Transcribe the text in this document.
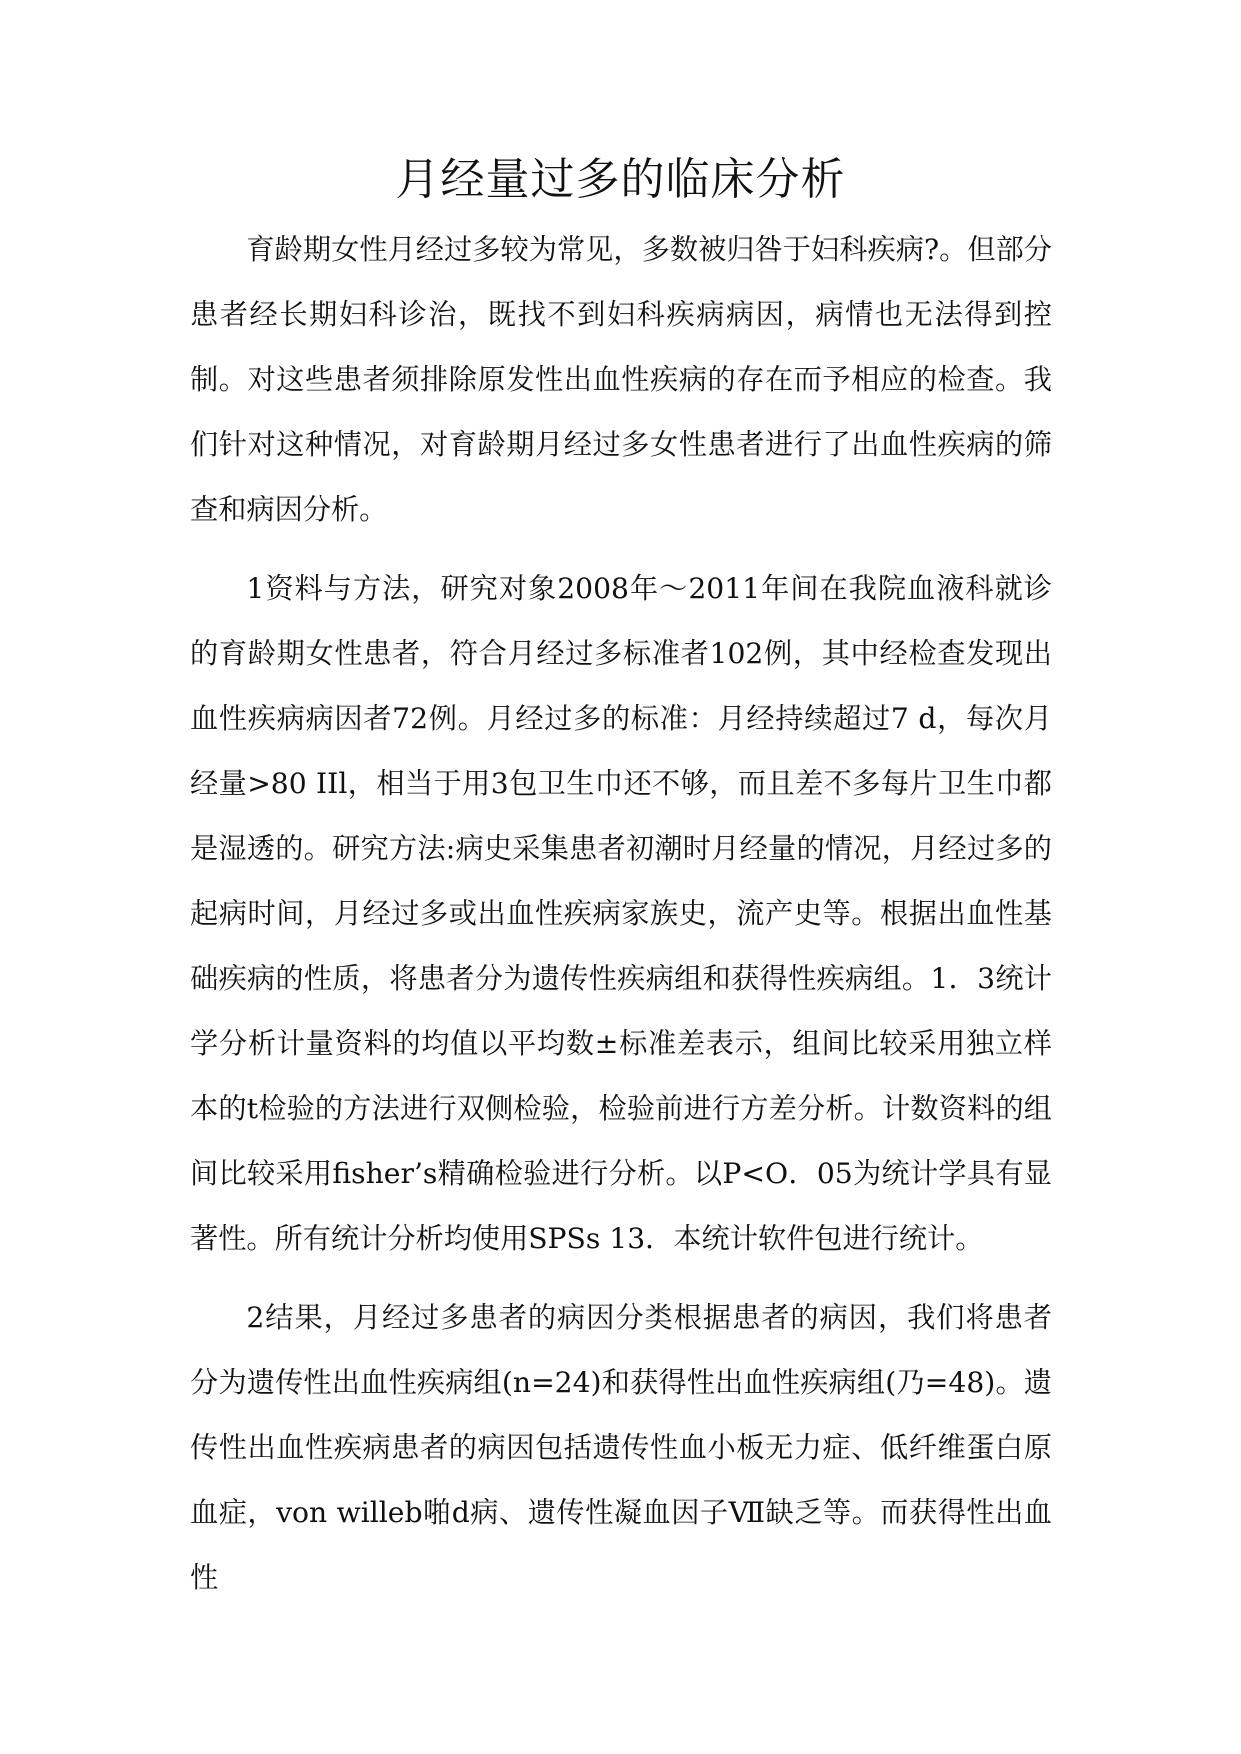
月经量过多的临床分析

育龄期女性月经过多较为常见，多数被归咎于妇科疾病?。但部分患者经长期妇科诊治，既找不到妇科疾病病因，病情也无法得到控制。对这些患者须排除原发性出血性疾病的存在而予相应的检查。我们针对这种情况，对育龄期月经过多女性患者进行了出血性疾病的筛查和病因分析。

1资料与方法，研究对象2008年～2011年间在我院血液科就诊的育龄期女性患者，符合月经过多标准者102例，其中经检查发现出血性疾病病因者72例。月经过多的标准：月经持续超过7 d，每次月经量>80 IIl，相当于用3包卫生巾还不够，而且差不多每片卫生巾都是湿透的。研究方法:病史采集患者初潮时月经量的情况，月经过多的起病时间，月经过多或出血性疾病家族史，流产史等。根据出血性基础疾病的性质，将患者分为遗传性疾病组和获得性疾病组。1．3统计学分析计量资料的均值以平均数±标准差表示，组间比较采用独立样本的t检验的方法进行双侧检验，检验前进行方差分析。计数资料的组间比较采用fisher’s精确检验进行分析。以P<O．05为统计学具有显著性。所有统计分析均使用SPSs 13．本统计软件包进行统计。

2结果，月经过多患者的病因分类根据患者的病因，我们将患者分为遗传性出血性疾病组(n=24)和获得性出血性疾病组(乃=48)。遗传性出血性疾病患者的病因包括遗传性血小板无力症、低纤维蛋白原血症，von willeb啪d病、遗传性凝血因子Ⅶ缺乏等。而获得性出血性
